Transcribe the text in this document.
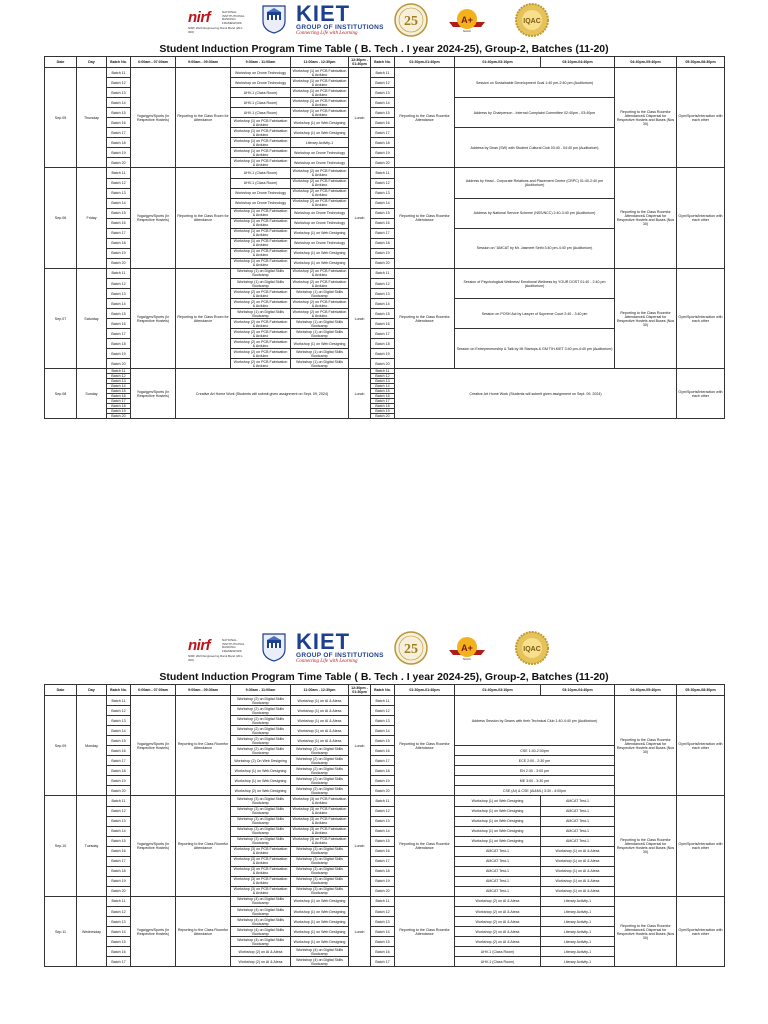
nirf	NATIONAL INSTITUTIONAL RANKING FRAMEWORK
NIRF 2023 Engineering Rank Band (201-300)
KIET
GROUP OF INSTITUTIONS
Connecting Life with Learning
25	A+
NAAC
IQAC
Student Induction Program Time Table ( B. Tech . I year 2024-25), Group-2, Batches (11-20)
Date	Day	Batch No.	6:00am - 07:00am	9:00am - 09:30am	9:30am - 11:00am	11:00am - 12:30pm	12:30pm - 01:30pm	Batch No.	01:30pm-01:40pm	01:40pm-03:10pm	03:10pm-04:40pm	04:40pm-05:40pm	05:30pm-08:30pm
Sep.05	Thursday	Batch 11	Yoga/gym/Sports (In Respective Hostels)	Reporting to the Class Room for Attendance	Workshop on Drone Technology	Workshop (1) on PCB Fabrication & Arduino	Lunch	Batch 11	Reporting to the Class Roomfor Attendance	Session on Sustainable Development Goal 1:40 pm-2:40 pm (Auditorium)		Reporting to the Class Roomfor Attendance& Dispersal for Respective Hostels and Buses (Nos 30)	Gym/Sports/Interaction with each other
		Batch 12			Workshop on Drone Technology	Workshop (1) on PCB Fabrication & Arduino		Batch 12					
		Batch 13			UHV-1 (Class Room)	Workshop (1) on PCB Fabrication & Arduino		Batch 13					
		Batch 14			UHV-1 (Class Room)	Workshop (1) on PCB Fabrication & Arduino		Batch 14		Address by Chairperson - Internal Complaint Committee 02:40pm - 03:40pm			
		Batch 15			UHV-1 (Class Room)	Workshop (1) on PCB Fabrication & Arduino		Batch 15					
		Batch 16			Workshop (1) on PCB Fabrication & Arduino	Workshop (1) on Web Designing		Batch 16					
		Batch 17			Workshop (1) on PCB Fabrication & Arduino	Workshop (1) on Web Designing		Batch 17		Address by Dean (SW) with Student Cultural Club 03:40 - 04:40 pm (Auditorium)			
		Batch 18			Workshop (1) on PCB Fabrication & Arduino	Literary Activity-1		Batch 18					
		Batch 19			Workshop (1) on PCB Fabrication & Arduino	Workshop on Drone Technology		Batch 19					
		Batch 20			Workshop (1) on PCB Fabrication & Arduino	Workshop on Drone Technology		Batch 20					
Sep.06	Friday	Batch 11	Yoga/gym/Sports (In Respective Hostels)	Reporting to the Class Room for Attendance	UHV-1 (Class Room)	Workshop (2) on PCB Fabrication & Arduino	Lunch	Batch 11	Reporting to the Class Roomfor Attendance	Address by Head - Corporate Relations and Placement Centre (CRPC) 01:40-2:40 pm (Auditorium)		Reporting to the Class Roomfor Attendance& Dispersal for Respective Hostels and Buses (Nos 30)	Gym/Sports/Interaction with each other
		Batch 12			UHV-1 (Class Room)	Workshop (2) on PCB Fabrication & Arduino		Batch 12					
		Batch 13			Workshop on Drone Technology	Workshop (2) on PCB Fabrication & Arduino		Batch 13					
		Batch 14			Workshop on Drone Technology	Workshop (2) on PCB Fabrication & Arduino		Batch 14		Address by National Service Scheme (NSS/NCC) 2:40-3:40 pm (Auditorium)			
		Batch 15			Workshop (1) on PCB Fabrication & Arduino	Workshop on Drone Technology		Batch 15					
		Batch 16			Workshop (1) on PCB Fabrication & Arduino	Workshop on Drone Technology		Batch 16					
		Batch 17			Workshop (1) on PCB Fabrication & Arduino	Workshop (1) on Web Designing		Batch 17		Session on "AMCAT by Mr. Jasmeet Sethi 3:40 pm-4:40 pm (Auditorium)			
		Batch 18			Workshop (1) on PCB Fabrication & Arduino	Workshop on Drone Technology		Batch 18					
		Batch 19			Workshop (1) on PCB Fabrication & Arduino	Workshop (1) on Web Designing		Batch 19					
		Batch 20			Workshop (1) on PCB Fabrication & Arduino	Workshop (1) on Web Designing		Batch 20					
Sep.07	Saturday	Batch 11	Yoga/gym/Sports (In Respective Hostels)	Reporting to the Class Room for Attendance	Workshop (1) on Digital Skills Bootcamp	Workshop (2) on PCB Fabrication & Arduino	Lunch	Batch 11	Reporting to the Class Roomfor Attendance	Session of Psychological Wellness/ Emotional Wellness by YOUR DOST 01:40 - 2:40 pm (Auditorium)		Reporting to the Class Roomfor Attendance& Dispersal for Respective Hostels and Buses (Nos 30)	Gym/Sports/Interaction with each other
		Batch 12			Workshop (1) on Digital Skills Bootcamp	Workshop (2) on PCB Fabrication & Arduino		Batch 12					
		Batch 13			Workshop (2) on PCB Fabrication & Arduino	Workshop (1) on Digital Skills Bootcamp		Batch 13					
		Batch 14			Workshop (2) on PCB Fabrication & Arduino	Workshop (2) on PCB Fabrication & Arduino		Batch 14		Session on POSH Act by Lawyer of Supreme Court 2:40 - 3:40 pm			
		Batch 15			Workshop (1) on Digital Skills Bootcamp	Workshop (2) on PCB Fabrication & Arduino		Batch 15					
		Batch 16			Workshop (2) on PCB Fabrication & Arduino	Workshop (1) on Digital Skills Bootcamp		Batch 16					
		Batch 17			Workshop (2) on PCB Fabrication & Arduino	Workshop (1) on Digital Skills Bootcamp		Batch 17		Session on Entrepreneurship & Talk by IIit Startups & GM TIH-KIET 3:40 pm-4:40 pm (Auditorium)			
		Batch 18			Workshop (2) on PCB Fabrication & Arduino	Workshop (1) on Web Designing		Batch 18					
		Batch 19			Workshop (2) on PCB Fabrication & Arduino	Workshop (1) on Digital Skills Bootcamp		Batch 19					
		Batch 20			Workshop (2) on PCB Fabrication & Arduino	Workshop (1) on Digital Skills Bootcamp		Batch 20					
Sep.08	Sunday	Batch 11	Yoga/gym/Sports (In Respective Hostels)	Creative Art Home Work (Students will submit given assignment on Sept. 09, 2024)			Lunch	Batch 11	Creative Art Home Work (Students will submit given assignment on Sept. 09, 2024)				Gym/Sports/Interaction with each other
		Batch 12						Batch 12					
		Batch 13						Batch 13					
		Batch 14						Batch 14					
		Batch 15						Batch 15					
		Batch 16						Batch 16					
		Batch 17						Batch 17					
		Batch 18						Batch 18					
		Batch 19						Batch 19					
		Batch 20						Batch 20					
nirf	NATIONAL INSTITUTIONAL RANKING FRAMEWORK
NIRF 2023 Engineering Rank Band (201-300)
KIET
GROUP OF INSTITUTIONS
Connecting Life with Learning
25	A+
NAAC
IQAC
Student Induction Program Time Table ( B. Tech . I year 2024-25), Group-2, Batches (11-20)
Date	Day	Batch No.	6:00am - 07:00am	9:00am - 09:30am	9:30am - 11:00am	11:00am - 12:30pm	12:30pm - 01:30pm	Batch No.	01:30pm-01:40pm	01:40pm-03:10pm	03:10pm-04:40pm	04:40pm-05:40pm	05:30pm-08:30pm
Sep.09	Monday	Batch 11	Yoga/gym/Sports (In Respective Hostels)	Reporting to the Class Roomfor Attendance	Workshop (2) on Digital Skills Bootcamp	Workshop (1) on AI & Alexa	Lunch	Batch 11	Reporting to the Class Roomfor Attendance	Address Session by Deans with their Technical Club 1:40-4:40 pm (Auditorium)		Reporting to the Class Roomfor Attendance& Dispersal for Respective Hostels and Buses (Nos 30)	Gym/Sports/Interaction with each other
		Batch 12			Workshop (2) on Digital Skills Bootcamp	Workshop (1) on AI & Alexa		Batch 12					
		Batch 13			Workshop (2) on Digital Skills Bootcamp	Workshop (1) on AI & Alexa		Batch 13					
		Batch 14			Workshop (2) on Digital Skills Bootcamp	Workshop (1) on AI & Alexa		Batch 14					
		Batch 15			Workshop (2) on Digital Skills Bootcamp	Workshop (1) on AI & Alexa		Batch 15					
		Batch 16			Workshop (2) on Digital Skills Bootcamp	Workshop (2) on Digital Skills Bootcamp		Batch 16		CSE 1:40-2:00pm			
		Batch 17			Workshop (2) On Web Designing	Workshop (2) on Digital Skills Bootcamp		Batch 17		ECE 2:00 - 2:30 pm			
		Batch 18			Workshop (1) on Web Designing	Workshop (2) on Digital Skills Bootcamp		Batch 18		EN 2:30 - 3:00 pm			
		Batch 19			Workshop (1) on Web Designing	Workshop (2) on Digital Skills Bootcamp		Batch 19		ME 3:00 - 3:30 pm			
		Batch 20			Workshop (2) on Web Designing	Workshop (2) on Digital Skills Bootcamp		Batch 20		CSE (AI) & CSE (AI&ML) 3:30 - 4:00pm			
Sep.10	Tuesday	Batch 11	Yoga/gym/Sports (In Respective Hostels)	Reporting to the Class Roomfor Attendance	Workshop (3) on Digital Skills Bootcamp	Workshop (3) on PCB Fabrication & Arduino	Lunch	Batch 11	Reporting to the Class Roomfor Attendance	Workshop (1) on Web Designing	AMCAT Test-1	Reporting to the Class Roomfor Attendance& Dispersal for Respective Hostels and Buses (Nos 30)	Gym/Sports/Interaction with each other
		Batch 12			Workshop (3) on Digital Skills Bootcamp	Workshop (3) on PCB Fabrication & Arduino		Batch 12		Workshop (1) on Web Designing	AMCAT Test-1		
		Batch 13			Workshop (3) on Digital Skills Bootcamp	Workshop (3) on PCB Fabrication & Arduino		Batch 13		Workshop (1) on Web Designing	AMCAT Test-1		
		Batch 14			Workshop (3) on Digital Skills Bootcamp	Workshop (3) on PCB Fabrication & Arduino		Batch 14		Workshop (1) on Web Designing	AMCAT Test-1		
		Batch 15			Workshop (3) on Digital Skills Bootcamp	Workshop (3) on PCB Fabrication & Arduino		Batch 15		Workshop (1) on Web Designing	AMCAT Test-1		
		Batch 16			Workshop (3) on PCB Fabrication & Arduino	Workshop (3) on Digital Skills Bootcamp		Batch 16		AMCAT Test-1	Workshop (1) on AI & Alexa		
		Batch 17			Workshop (3) on PCB Fabrication & Arduino	Workshop (3) on Digital Skills Bootcamp		Batch 17		AMCAT Test-1	Workshop (1) on AI & Alexa		
		Batch 18			Workshop (3) on PCB Fabrication & Arduino	Workshop (3) on Digital Skills Bootcamp		Batch 18		AMCAT Test-1	Workshop (1) on AI & Alexa		
		Batch 19			Workshop (3) on PCB Fabrication & Arduino	Workshop (3) on Digital Skills Bootcamp		Batch 19		AMCAT Test-1	Workshop (1) on AI & Alexa		
		Batch 20			Workshop (3) on PCB Fabrication & Arduino	Workshop (3) on Digital Skills Bootcamp		Batch 20		AMCAT Test-1	Workshop (1) on AI & Alexa		
Sep.11	Wednesday	Batch 11	Yoga/gym/Sports (In Respective Hostels)	Reporting to the Class Roomfor Attendance	Workshop (4) on Digital Skills Bootcamp	Workshop (1) on Web Designing	Lunch	Batch 11	Reporting to the Class Roomfor Attendance	Workshop (2) on AI & Alexa	Literary Activity-1	Reporting to the Class Roomfor Attendance& Dispersal for Respective Hostels and Buses (Nos 30)	Gym/Sports/Interaction with each other
		Batch 12			Workshop (4) on Digital Skills Bootcamp	Workshop (1) on Web Designing		Batch 12		Workshop (2) on AI & Alexa	Literary Activity-1		
		Batch 13			Workshop (4) on Digital Skills Bootcamp	Workshop (1) on Web Designing		Batch 13		Workshop (2) on AI & Alexa	Literary Activity-1		
		Batch 14			Workshop (4) on Digital Skills Bootcamp	Workshop (1) on Web Designing		Batch 14		Workshop (2) on AI & Alexa	Literary Activity-1		
		Batch 15			Workshop (4) on Digital Skills Bootcamp	Workshop (1) on Web Designing		Batch 15		Workshop (2) on AI & Alexa	Literary Activity-1		
		Batch 16			Workshop (2) on AI & Alexa	Workshop (4) on Digital Skills Bootcamp		Batch 16		UHV-1 (Class Room)	Literary Activity-1		
		Batch 17			Workshop (2) on AI & Alexa	Workshop (4) on Digital Skills Bootcamp		Batch 17		UHV-1 (Class Room)	Literary Activity-1		
